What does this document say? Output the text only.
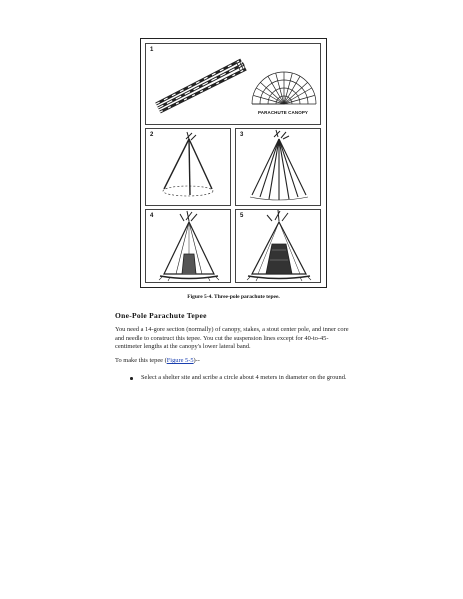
1
PARACHUTE CANOPY
2	3
4	5
Figure 5-4. Three-pole parachute tepee.
One-Pole Parachute Tepee

You need a 14-gore section (normally) of canopy, stakes, a stout center pole, and inner core and needle to construct this tepee. You cut the suspension lines except for 40-to-45-centimeter lengths at the canopy's lower lateral band.

To make this tepee (Figure 5-5)--

Select a shelter site and scribe a circle about 4 meters in diameter on the ground.
